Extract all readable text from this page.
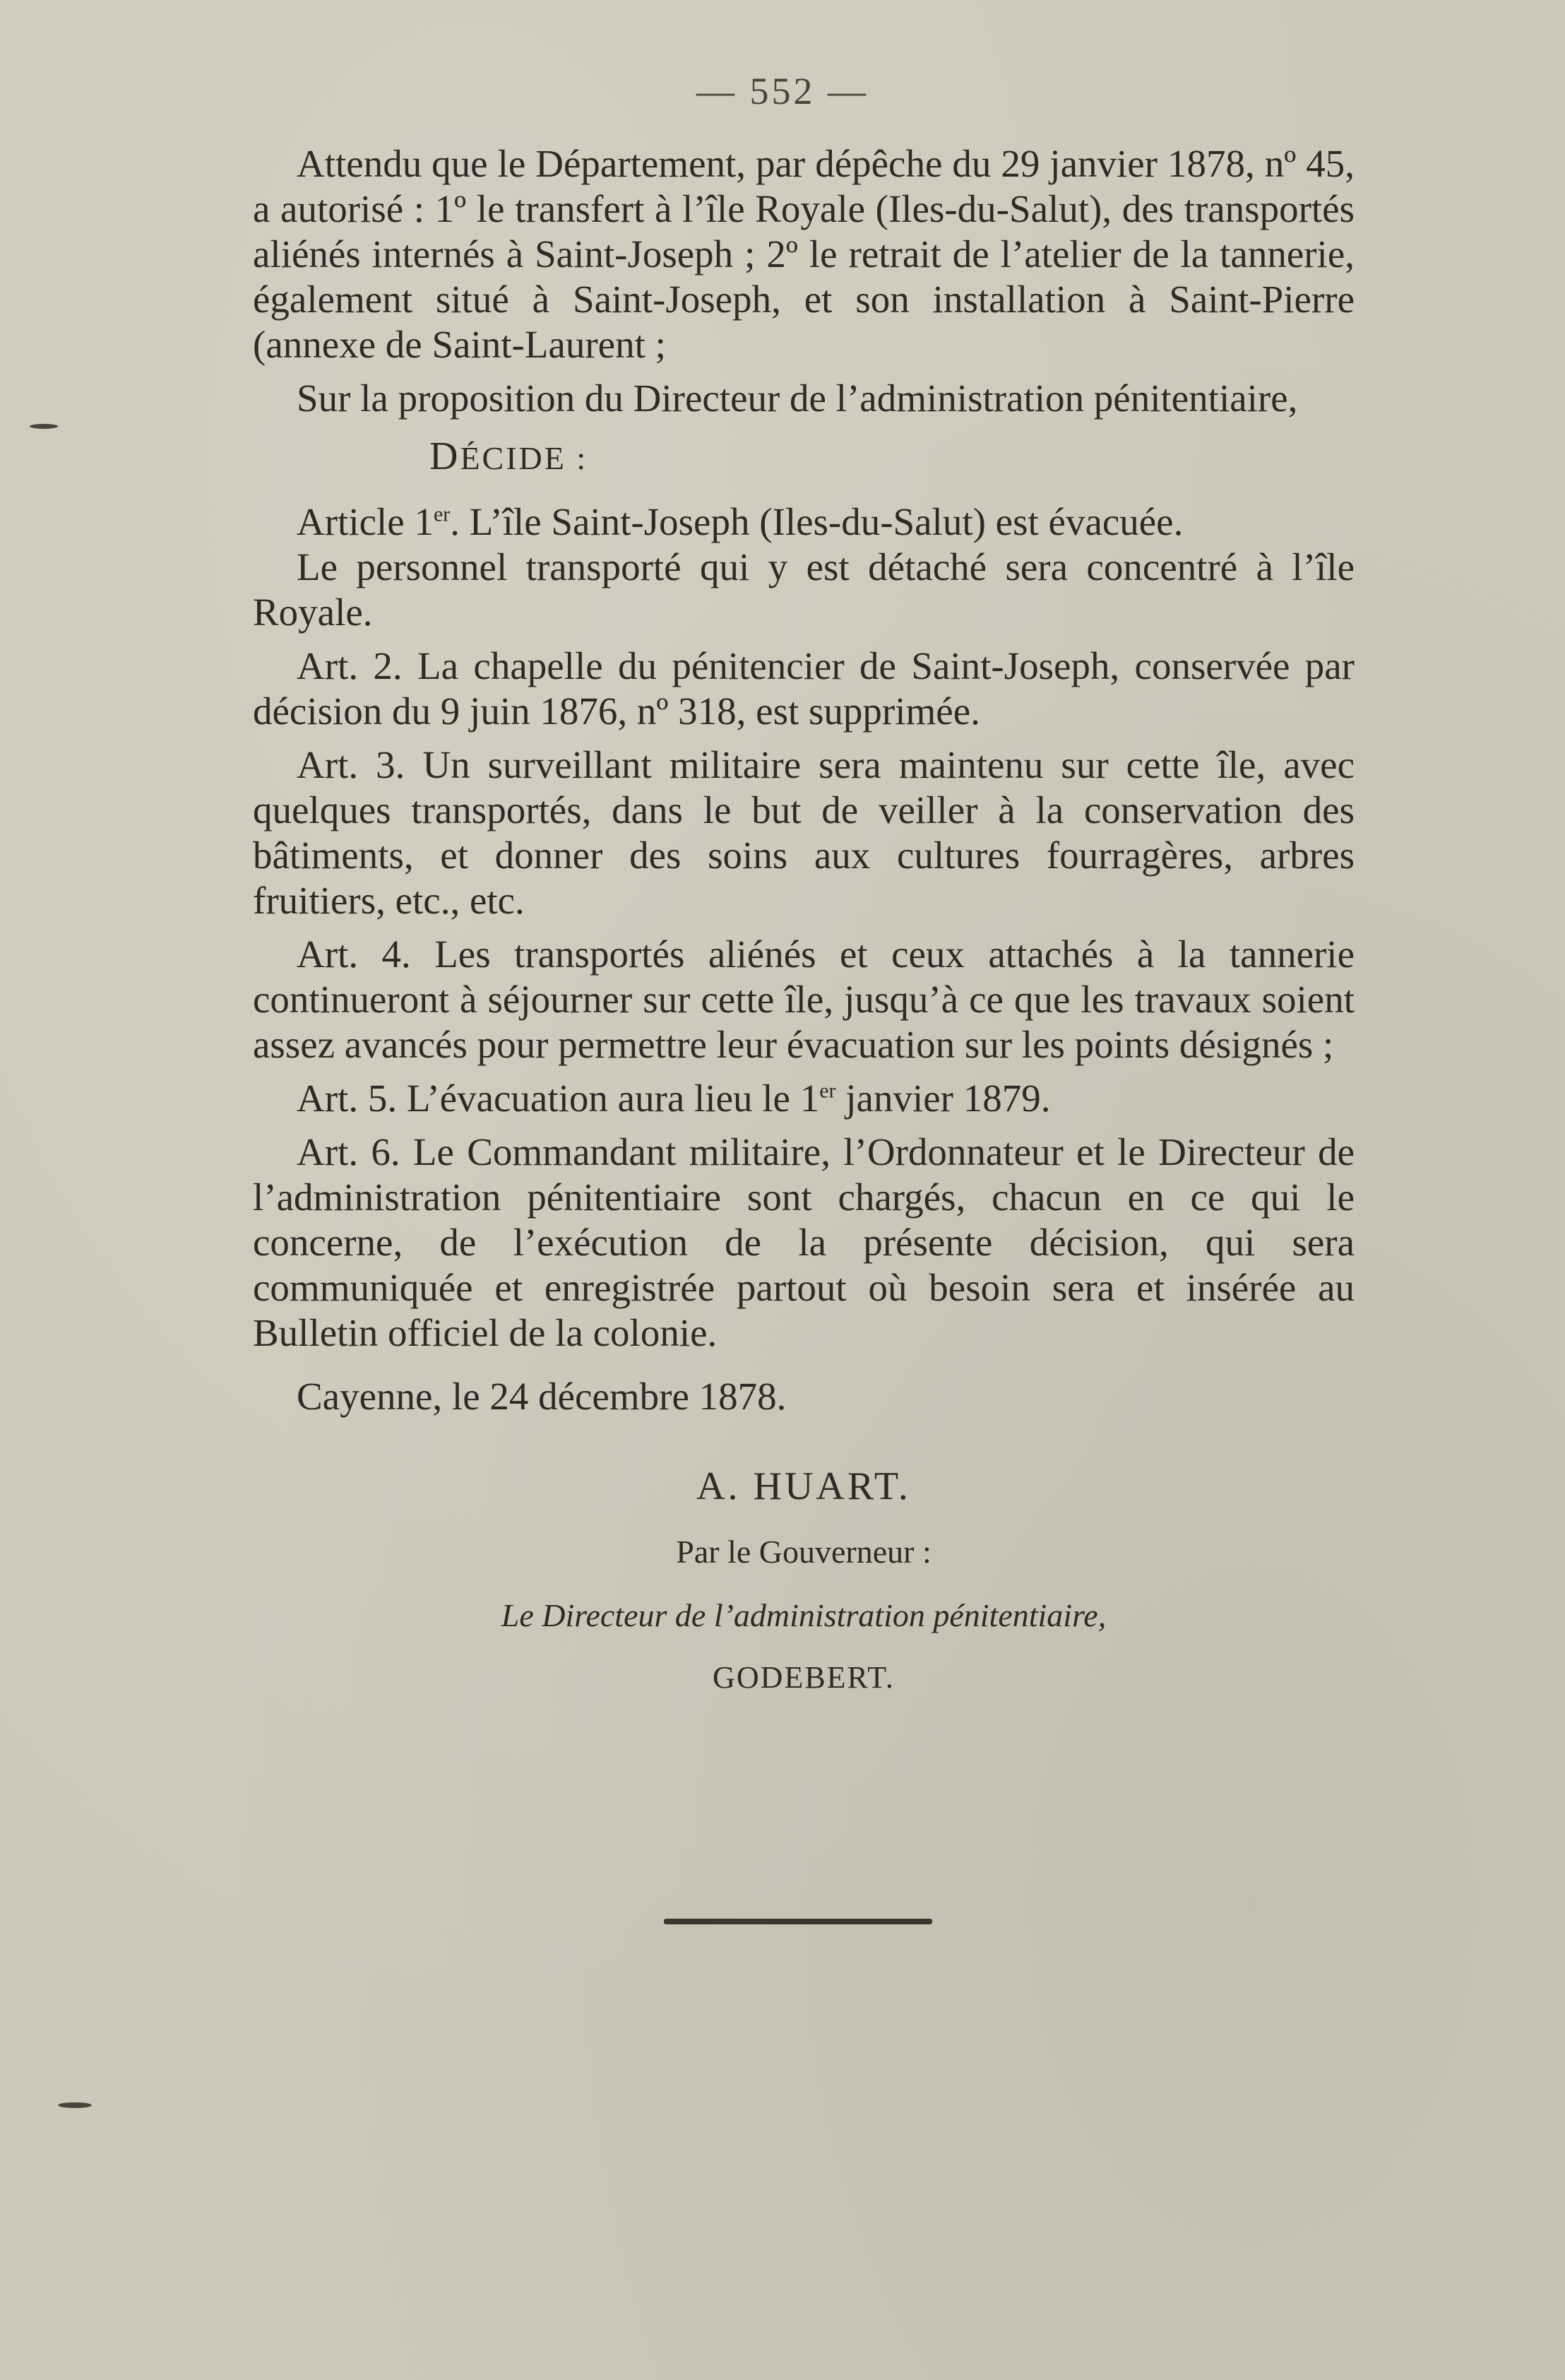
— 552 —

Attendu que le Département, par dépêche du 29 janvier 1878, nº 45, a autorisé : 1º le transfert à l’île Royale (Iles-du-Salut), des transportés aliénés internés à Saint-Joseph ; 2º le retrait de l’atelier de la tannerie, également situé à Saint-Joseph, et son installation à Saint-Pierre (annexe de Saint-Laurent ;

Sur la proposition du Directeur de l’administration pénitentiaire,

DÉCIDE :

Article 1er. L’île Saint-Joseph (Iles-du-Salut) est évacuée.

Le personnel transporté qui y est détaché sera concentré à l’île Royale.

Art. 2. La chapelle du pénitencier de Saint-Joseph, conservée par décision du 9 juin 1876, nº 318, est supprimée.

Art. 3. Un surveillant militaire sera maintenu sur cette île, avec quelques transportés, dans le but de veiller à la conservation des bâtiments, et donner des soins aux cultures fourragères, arbres fruitiers, etc., etc.

Art. 4. Les transportés aliénés et ceux attachés à la tannerie continueront à séjourner sur cette île, jusqu’à ce que les travaux soient assez avancés pour permettre leur évacuation sur les points désignés ;

Art. 5. L’évacuation aura lieu le 1er janvier 1879.

Art. 6. Le Commandant militaire, l’Ordonnateur et le Directeur de l’administration pénitentiaire sont chargés, chacun en ce qui le concerne, de l’exécution de la présente décision, qui sera communiquée et enregistrée partout où besoin sera et insérée au Bulletin officiel de la colonie.

Cayenne, le 24 décembre 1878.

A. HUART.
Par le Gouverneur :
Le Directeur de l’administration pénitentiaire,
GODEBERT.
